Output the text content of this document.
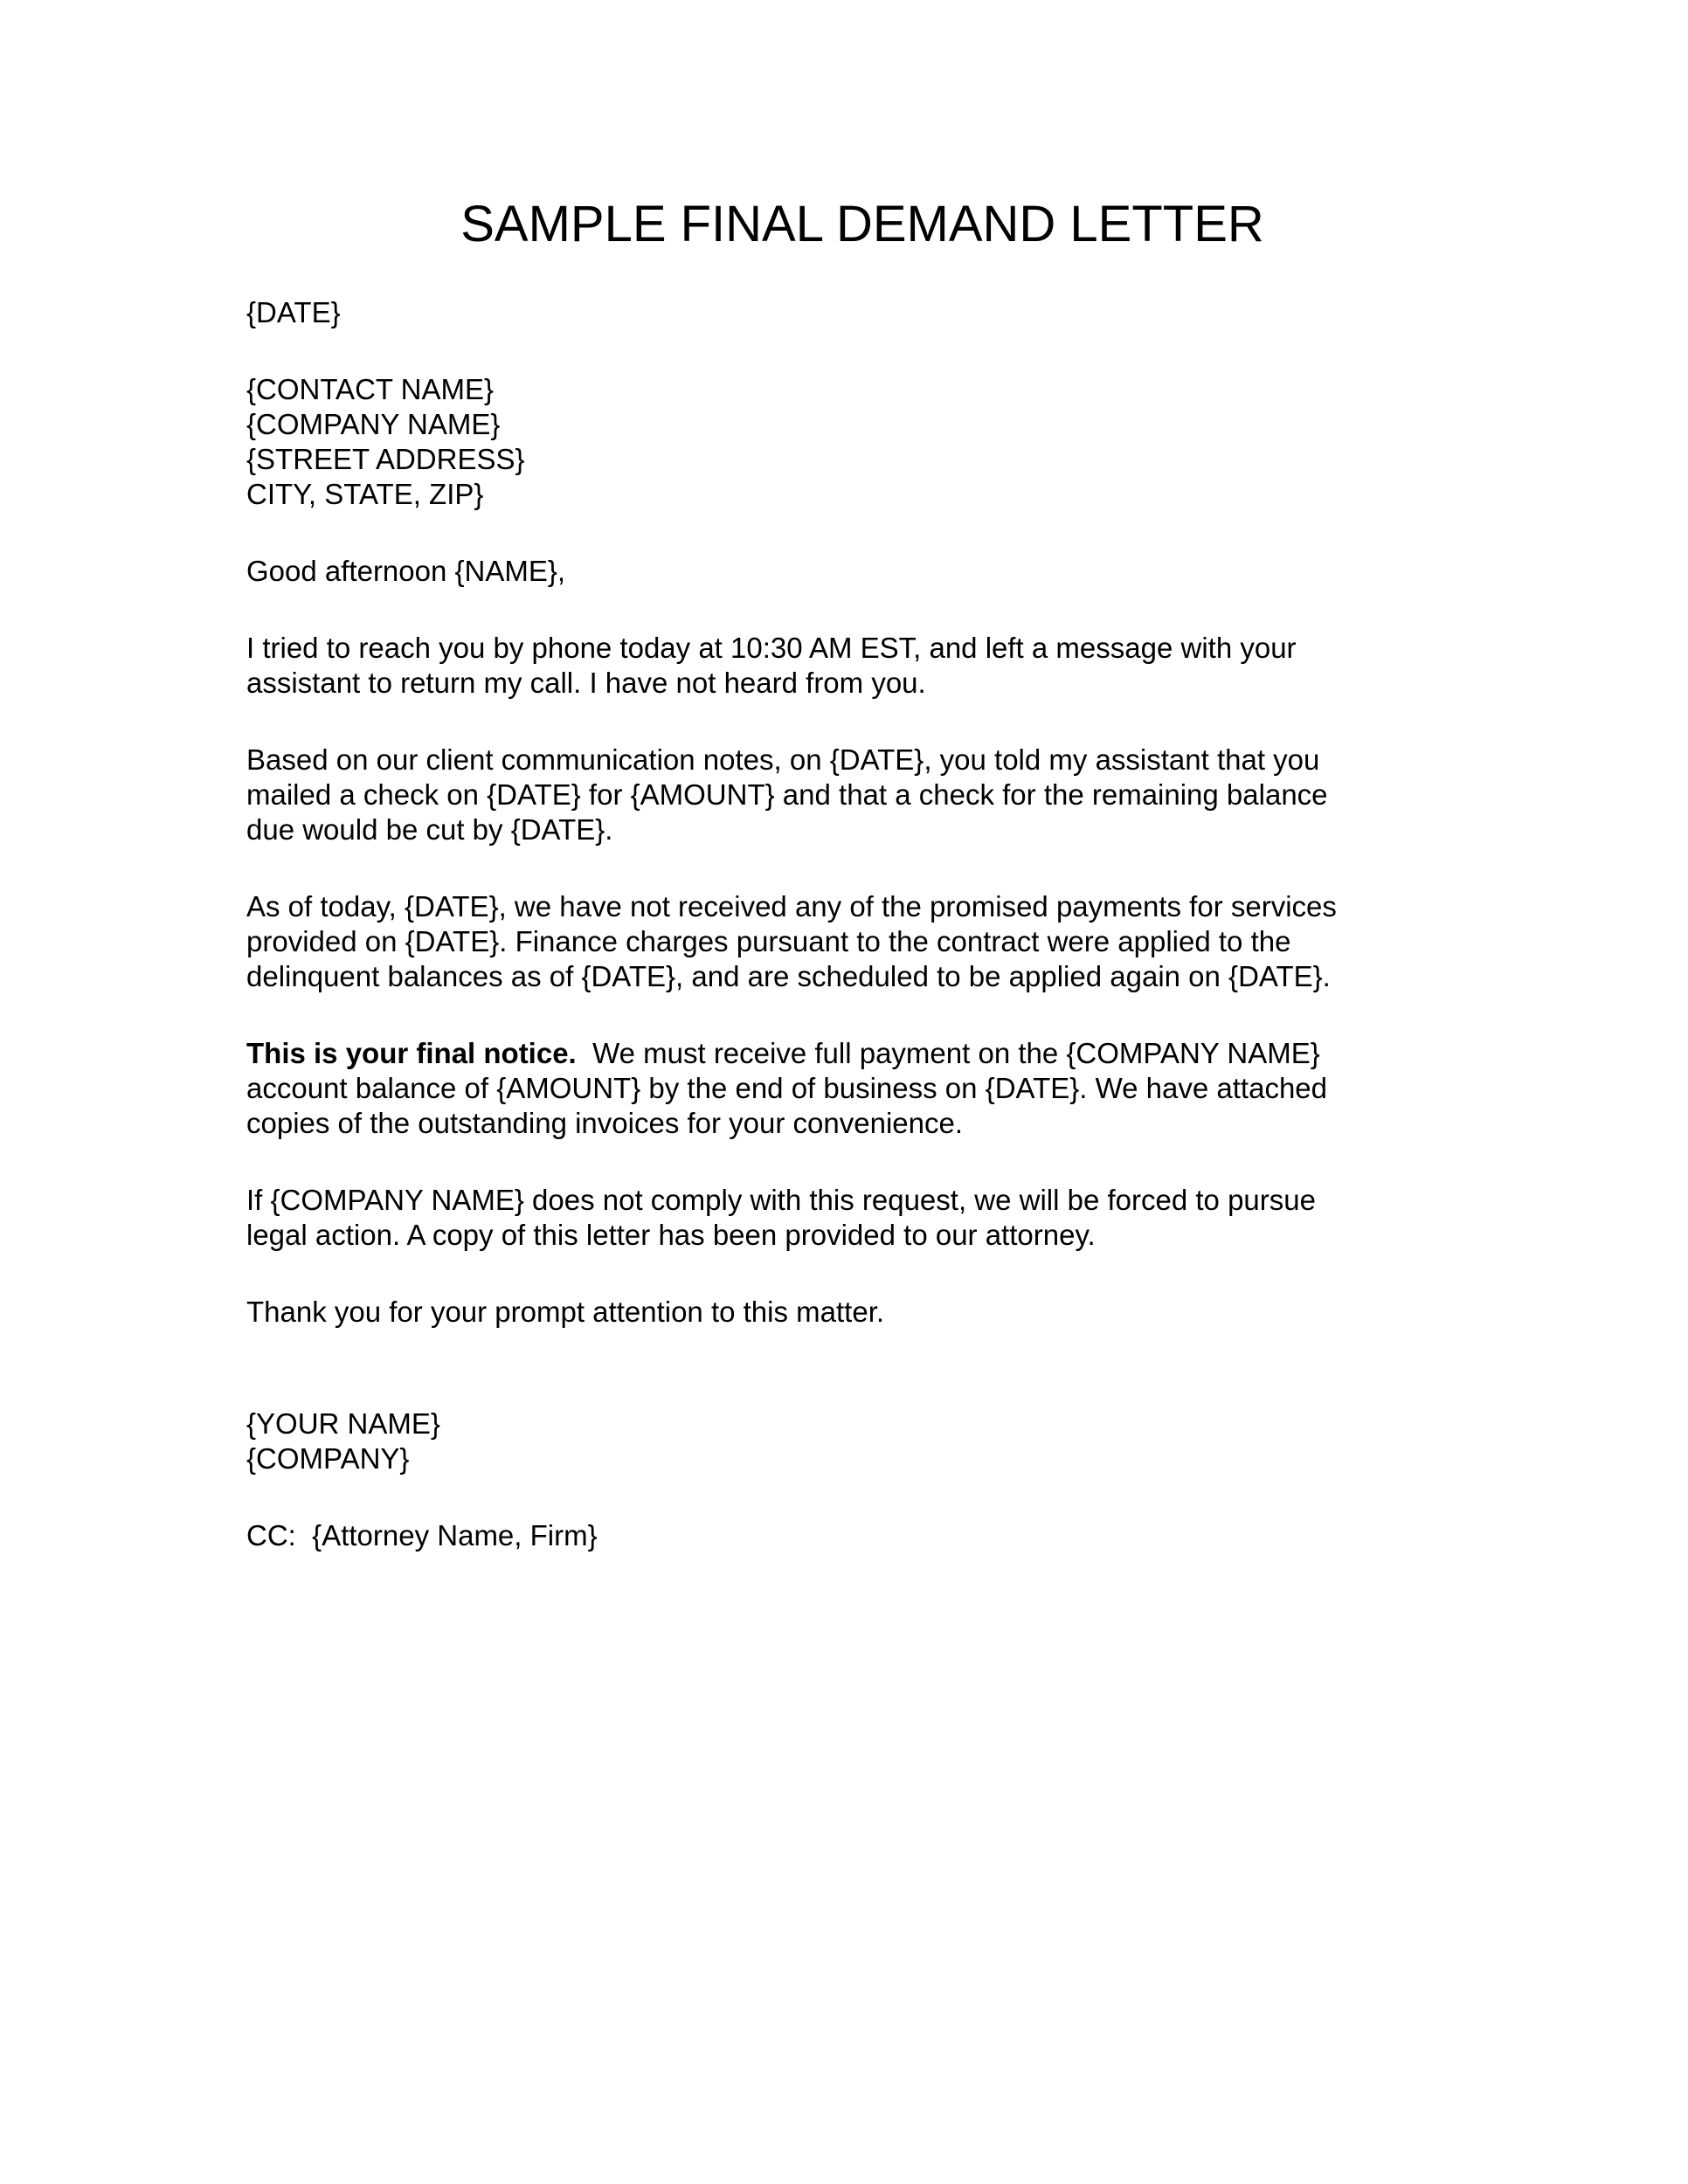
SAMPLE FINAL DEMAND LETTER

{DATE}

{CONTACT NAME}
{COMPANY NAME}
{STREET ADDRESS}
CITY, STATE, ZIP}

Good afternoon {NAME},

I tried to reach you by phone today at 10:30 AM EST, and left a message with your
assistant to return my call. I have not heard from you.

Based on our client communication notes, on {DATE}, you told my assistant that you
mailed a check on {DATE} for {AMOUNT} and that a check for the remaining balance
due would be cut by {DATE}.

As of today, {DATE}, we have not received any of the promised payments for services
provided on {DATE}. Finance charges pursuant to the contract were applied to the
delinquent balances as of {DATE}, and are scheduled to be applied again on {DATE}.

This is your final notice.  We must receive full payment on the {COMPANY NAME}
account balance of {AMOUNT} by the end of business on {DATE}. We have attached
copies of the outstanding invoices for your convenience.

If {COMPANY NAME} does not comply with this request, we will be forced to pursue
legal action. A copy of this letter has been provided to our attorney.

Thank you for your prompt attention to this matter.

{YOUR NAME}
{COMPANY}

CC:  {Attorney Name, Firm}
